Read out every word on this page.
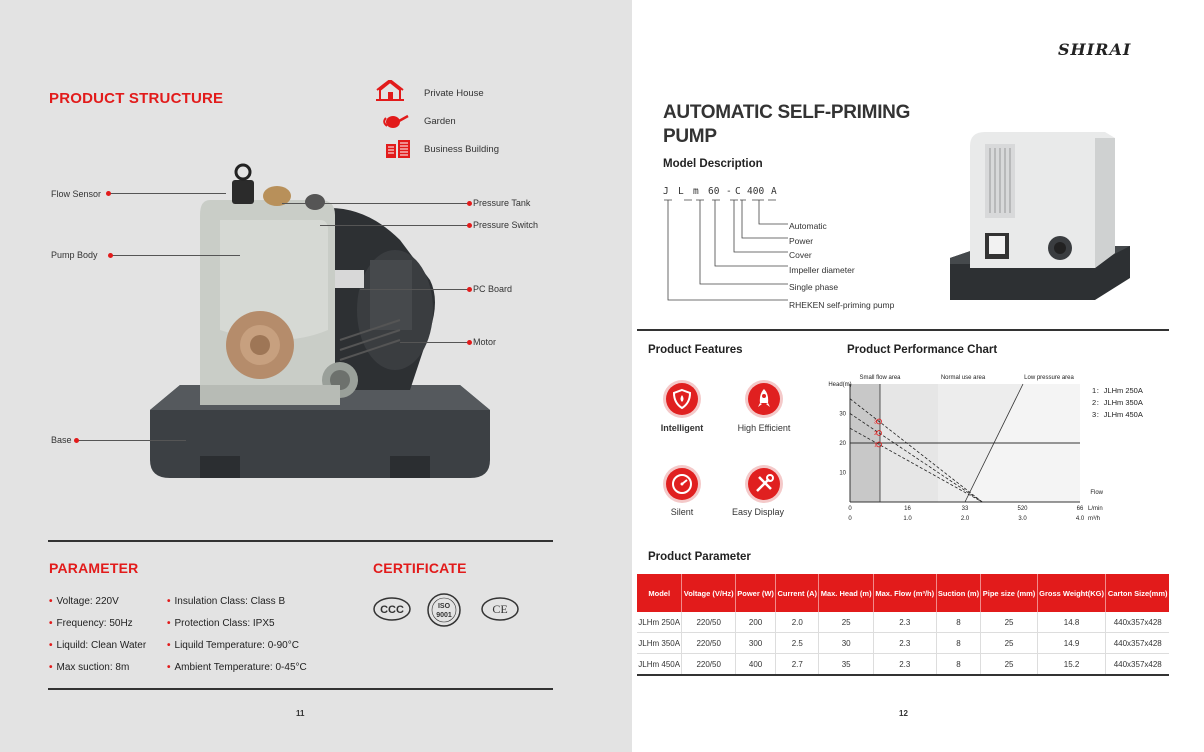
PRODUCT STRUCTURE	Private House
Garden
Business Building
Flow Sensor
Pump Body
Base
Pressure Tank
Pressure Switch
PC Board
Motor
PARAMETER	CERTIFICATE
• Voltage: 220V
• Frequency: 50Hz
• Liquild: Clean Water
• Max suction: 8m
• Insulation Class: Class B
• Protection Class: IPX5
• Liquild Temperature: 0-90°C
• Ambient Temperature: 0-45°C
CCC	ISO
9001	CE
11
SHIRAI
AUTOMATIC SELF-PRIMING
PUMP
Model Description
J L m 60 - C 400 A
Automatic
Power
Cover
Impeller diameter
Single phase
RHEKEN self-priming pump
Product Features	Product Performance Chart
Intelligent	High Efficient
Silent	Easy Display
1
2
3
10
20
30
0	16	33	520	66
0	1.0	2.0	3.0	4.0
L/min
m³/h
Head(m)
Flow
Small flow area	Normal use area	Low pressure area
1：JLHm 250A
2：JLHm 350A
3：JLHm 450A
Product Parameter
Model	Voltage (V/Hz)	Power (W)	Current (A)	Max. Head (m)	Max. Flow (m³/h)	Suction (m)	Pipe size (mm)	Gross Weight(KG)	Carton Size(mm)
JLHm 250A	220/50	200	2.0	25	2.3	8	25	14.8	440x357x428
JLHm 350A	220/50	300	2.5	30	2.3	8	25	14.9	440x357x428
JLHm 450A	220/50	400	2.7	35	2.3	8	25	15.2	440x357x428
12
